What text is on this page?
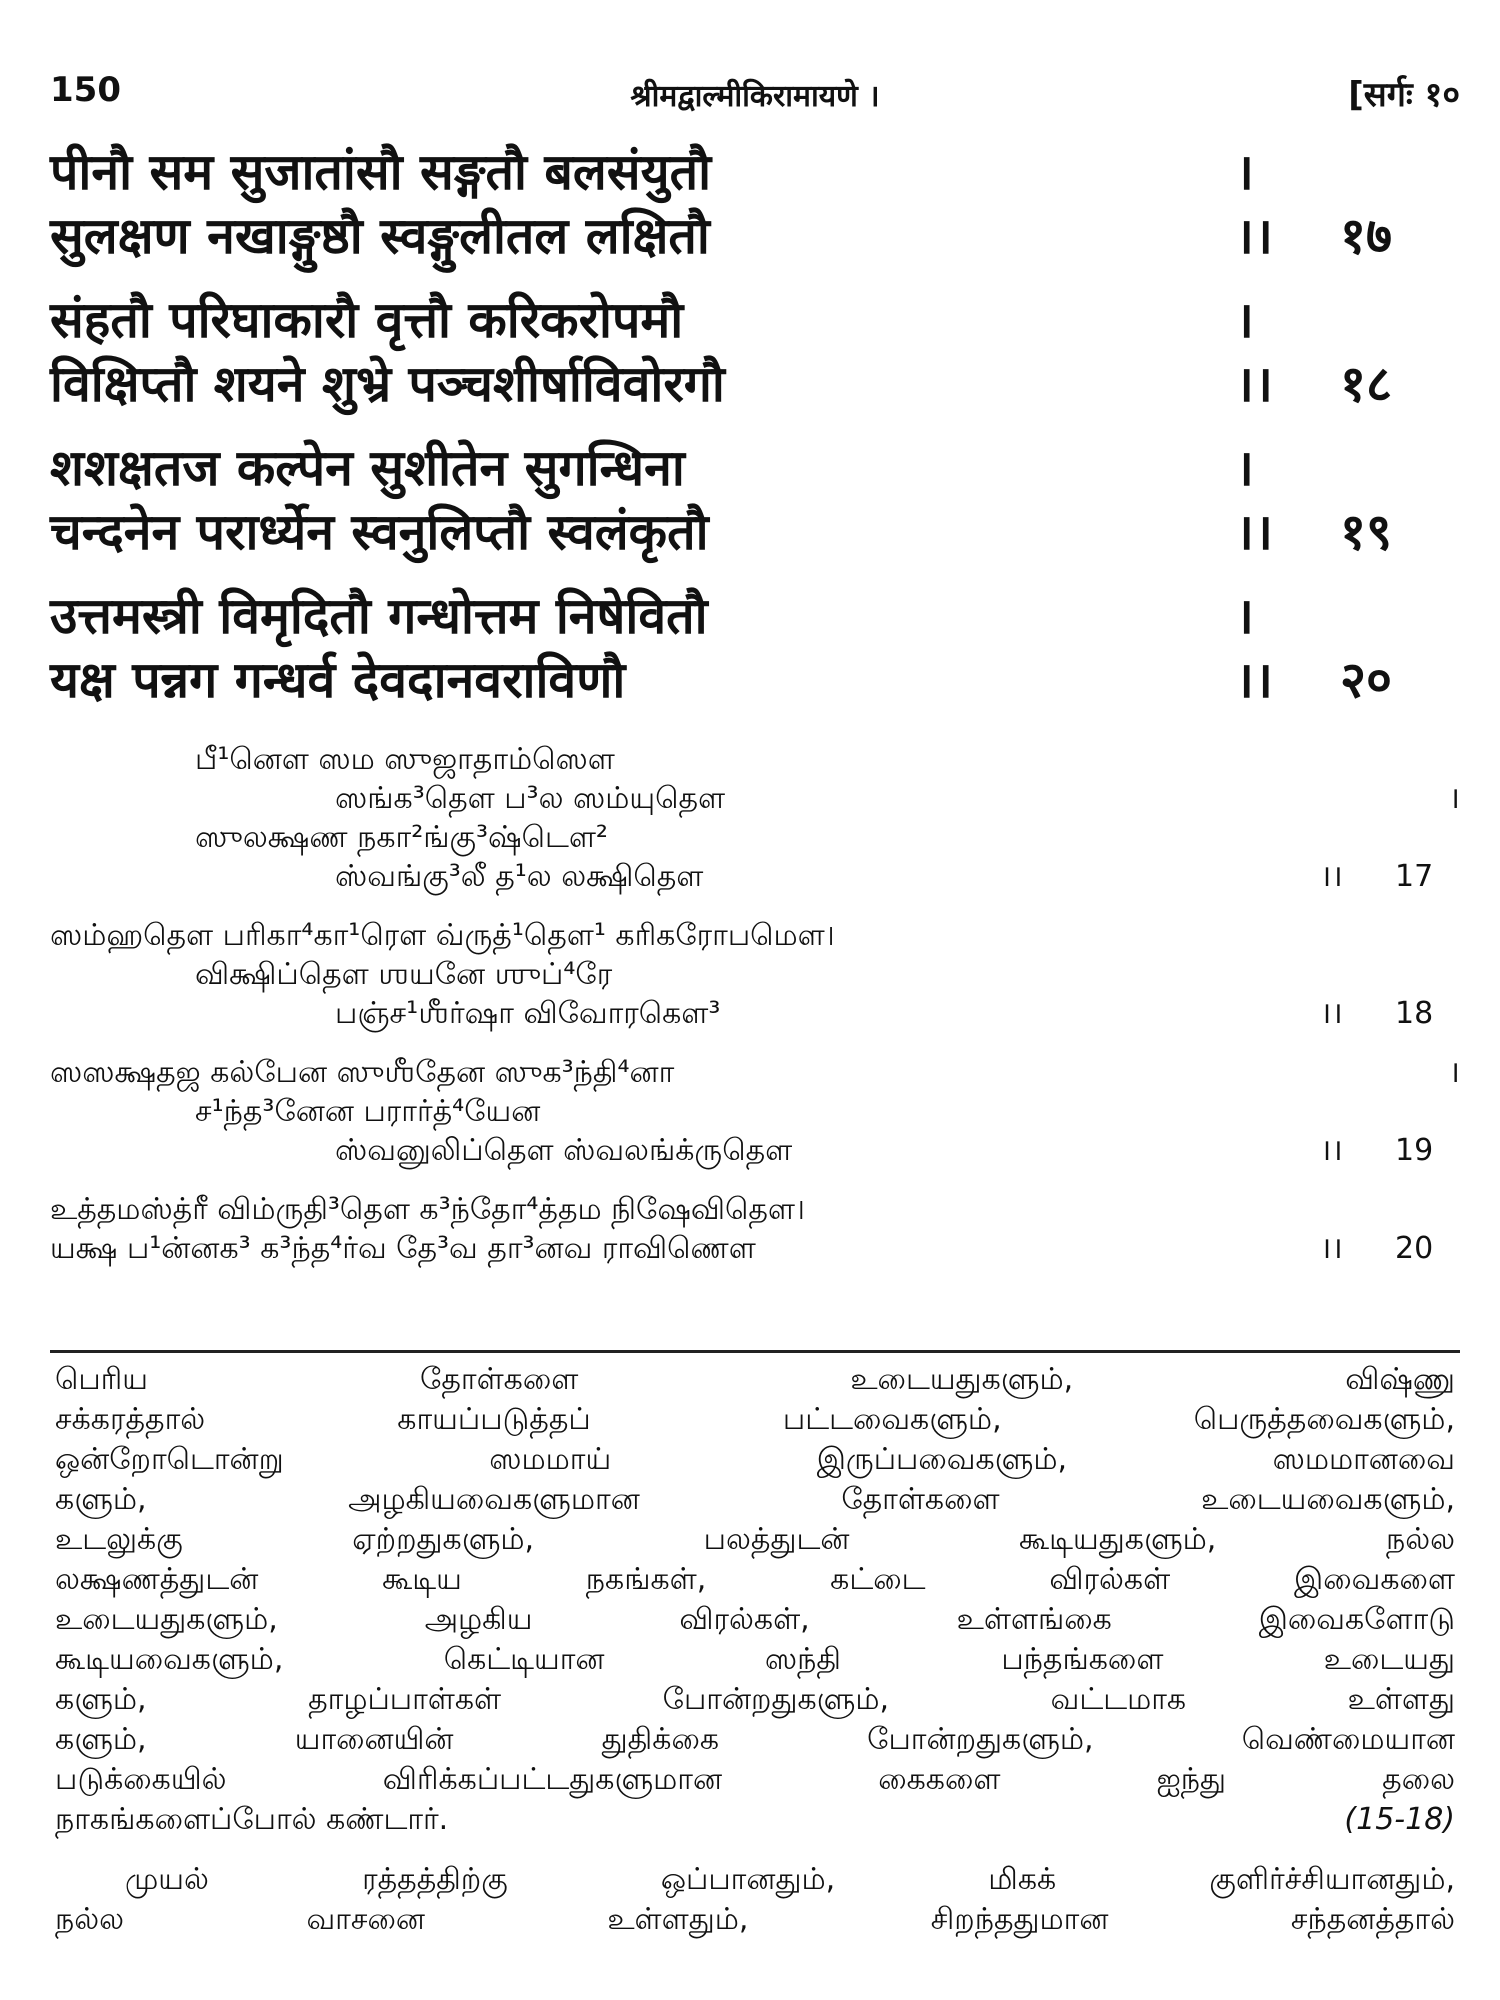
150	श्रीमद्वाल्मीकिरामायणे ।	[सर्गः १०
पीनौ सम सुजातांसौ सङ्गतौ बलसंयुतौ	।
सुलक्षण नखाङ्गुष्ठौ स्वङ्गुलीतल लक्षितौ	।। १७
संहतौ परिघाकारौ वृत्तौ करिकरोपमौ	।
विक्षिप्तौ शयने शुभ्रे पञ्चशीर्षाविवोरगौ	।। १८
शशक्षतज कल्पेन सुशीतेन सुगन्धिना	।
चन्दनेन परार्ध्येन स्वनुलिप्तौ स्वलंकृतौ	।। १९
उत्तमस्त्री विमृदितौ गन्धोत्तम निषेवितौ	।
यक्ष पन्नग गन्धर्व देवदानवराविणौ	।। २०
பீ¹னௌ ஸம ஸுஜாதாம்ஸௌ
ஸங்க³தௌ ப³ல ஸம்யுதௌ	।
ஸுலக்ஷண நகா²ங்கு³ஷ்டௌ²
ஸ்வங்கு³லீ த¹ல லக்ஷிதௌ	।। 17
ஸம்ஹதௌ பரிகா⁴கா¹ரௌ வ்ருத்¹தௌ¹ கரிகரோபமௌ।
விக்ஷிப்தௌ ஶயனே ஶுப்⁴ரே
பஞ்ச¹ஶீர்ஷா விவோரகௌ³	।। 18
ஸஸக்ஷதஜ கல்பேன ஸுஶீதேன ஸுக³ந்தி⁴னா	।
ச¹ந்த³னேன பரார்த்⁴யேன
ஸ்வனுலிப்தௌ ஸ்வலங்க்ருதௌ	।। 19
உத்தமஸ்த்ரீ விம்ருதி³தௌ க³ந்தோ⁴த்தம நிஷேவிதௌ।
யக்ஷ ப¹ன்னக³ க³ந்த⁴ர்வ தே³வ தா³னவ ராவிணௌ	।। 20
பெரிய தோள்களை உடையதுகளும், விஷ்ணு
சக்கரத்தால் காயப்படுத்தப் பட்டவைகளும், பெருத்தவைகளும்,
ஒன்றோடொன்று ஸமமாய் இருப்பவைகளும், ஸமமானவை
களும், அழகியவைகளுமான தோள்களை உடையவைகளும்,
உடலுக்கு ஏற்றதுகளும், பலத்துடன் கூடியதுகளும், நல்ல
லக்ஷணத்துடன் கூடிய நகங்கள், கட்டை விரல்கள் இவைகளை
உடையதுகளும், அழகிய விரல்கள், உள்ளங்கை இவைகளோடு
கூடியவைகளும், கெட்டியான ஸந்தி பந்தங்களை உடையது
களும், தாழப்பாள்கள் போன்றதுகளும், வட்டமாக உள்ளது
களும், யானையின் துதிக்கை போன்றதுகளும், வெண்மையான
படுக்கையில் விரிக்கப்பட்டதுகளுமான கைகளை ஐந்து தலை
நாகங்களைப்போல் கண்டார்.	(15-18)
முயல் ரத்தத்திற்கு ஒப்பானதும், மிகக் குளிர்ச்சியானதும்,
நல்ல வாசனை உள்ளதும், சிறந்ததுமான சந்தனத்தால்
